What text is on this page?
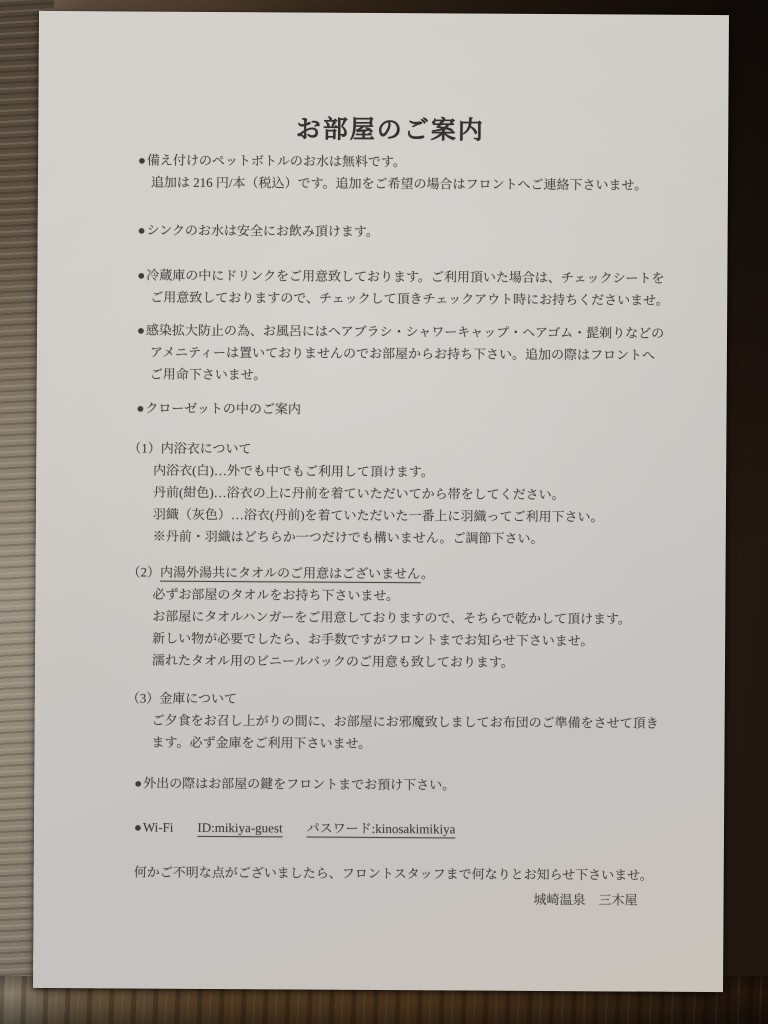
お部屋のご案内
●備え付けのペットボトルのお水は無料です。
追加は 216 円/本（税込）です。追加をご希望の場合はフロントへご連絡下さいませ。
●シンクのお水は安全にお飲み頂けます。
●冷蔵庫の中にドリンクをご用意致しております。ご利用頂いた場合は、チェックシートを
ご用意致しておりますので、チェックして頂きチェックアウト時にお持ちくださいませ。
●感染拡大防止の為、お風呂にはヘアブラシ・シャワーキャップ・ヘアゴム・髭剃りなどの
アメニティーは置いておりませんのでお部屋からお持ち下さい。追加の際はフロントへ
ご用命下さいませ。
●クローゼットの中のご案内
（1）内浴衣について
内浴衣(白)…外でも中でもご利用して頂けます。
丹前(紺色)…浴衣の上に丹前を着ていただいてから帯をしてください。
羽織（灰色）…浴衣(丹前)を着ていただいた一番上に羽織ってご利用下さい。
※丹前・羽織はどちらか一つだけでも構いません。ご調節下さい。
（2）内湯外湯共にタオルのご用意はございません。
必ずお部屋のタオルをお持ち下さいませ。
お部屋にタオルハンガーをご用意しておりますので、そちらで乾かして頂けます。
新しい物が必要でしたら、お手数ですがフロントまでお知らせ下さいませ。
濡れたタオル用のビニールバックのご用意も致しております。
（3）金庫について
ご夕食をお召し上がりの間に、お部屋にお邪魔致しましてお布団のご準備をさせて頂き
ます。必ず金庫をご利用下さいませ。
●外出の際はお部屋の鍵をフロントまでお預け下さい。
●Wi-Fi ID:mikiya-guest パスワード:kinosakimikiya
何かご不明な点がございましたら、フロントスタッフまで何なりとお知らせ下さいませ。
城崎温泉　三木屋
